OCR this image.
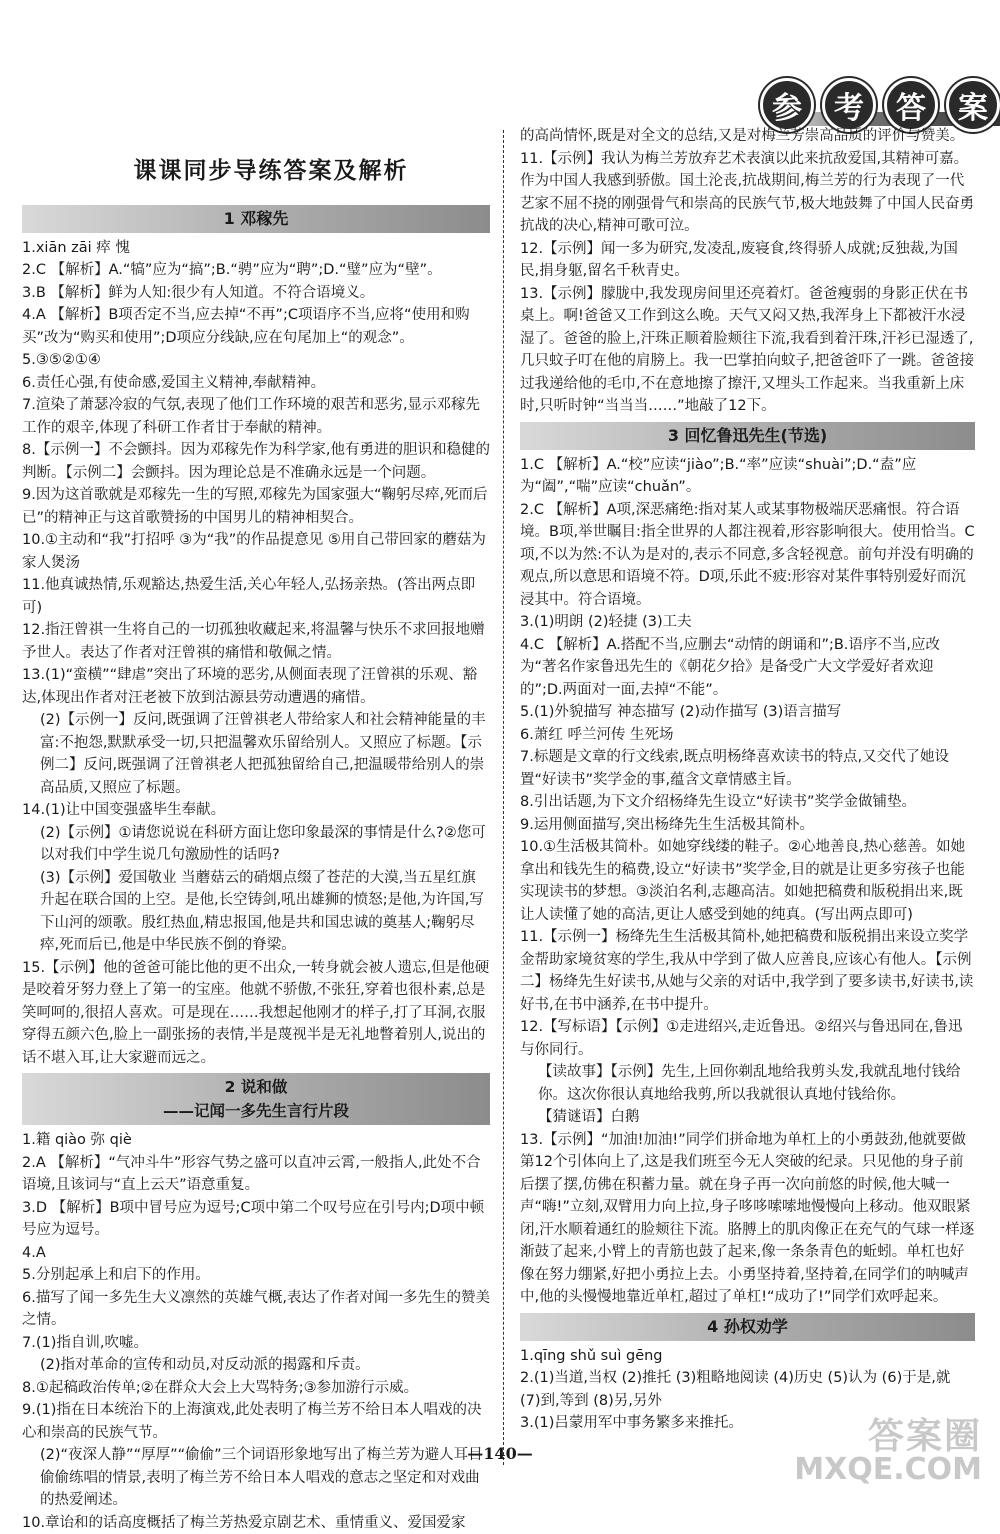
参	考	答	案
课课同步导练答案及解析
1 邓稼先

1.xiān zāi 瘁 愧

2.C 【解析】A.“犒”应为“搞”;B.“骋”应为“聘”;D.“璧”应为“壁”。

3.B 【解析】鲜为人知:很少有人知道。不符合语境义。

4.A 【解析】B项否定不当,应去掉“不再”;C项语序不当,应将“使用和购买”改为“购买和使用”;D项应分线缺,应在句尾加上“的观念”。

5.③⑤②①④

6.责任心强,有使命感,爱国主义精神,奉献精神。

7.渲染了萧瑟冷寂的气氛,表现了他们工作环境的艰苦和恶劣,显示邓稼先工作的艰辛,体现了科研工作者甘于奉献的精神。

8.【示例一】不会颤抖。因为邓稼先作为科学家,他有勇进的胆识和稳健的判断。【示例二】会颤抖。因为理论总是不准确永远是一个问题。

9.因为这首歌就是邓稼先一生的写照,邓稼先为国家强大“鞠躬尽瘁,死而后已”的精神正与这首歌赞扬的中国男儿的精神相契合。

10.①主动和“我”打招呼 ③为“我”的作品提意见 ⑤用自己带回家的蘑菇为家人煲汤

11.他真诚热情,乐观豁达,热爱生活,关心年轻人,弘扬亲热。(答出两点即可)

12.指汪曾祺一生将自己的一切孤独收藏起来,将温馨与快乐不求回报地赠予世人。表达了作者对汪曾祺的痛惜和敬佩之情。

13.(1)“蛮横”“肆虐”突出了环境的恶劣,从侧面表现了汪曾祺的乐观、豁达,体现出作者对汪老被下放到沽源县劳动遭遇的痛惜。

(2)【示例一】反问,既强调了汪曾祺老人带给家人和社会精神能量的丰富:不抱怨,默默承受一切,只把温馨欢乐留给别人。又照应了标题。【示例二】反问,既强调了汪曾祺老人把孤独留给自己,把温暖带给别人的崇高品质,又照应了标题。

14.(1)让中国变强盛毕生奉献。

(2)【示例】①请您说说在科研方面让您印象最深的事情是什么?②您可以对我们中学生说几句激励性的话吗?

(3)【示例】爱国敬业 当蘑菇云的硝烟点缀了苍茫的大漠,当五星红旗升起在联合国的上空。是他,长空铸剑,吼出雄狮的愤怒;是他,为许国,写下山河的颂歌。殷红热血,精忠报国,他是共和国忠诚的奠基人;鞠躬尽瘁,死而后已,他是中华民族不倒的脊梁。

15.【示例】他的爸爸可能比他的更不出众,一转身就会被人遗忘,但是他硬是咬着牙努力登上了第一的宝座。他就不骄傲,不张狂,穿着也很朴素,总是笑呵呵的,很招人喜欢。可是现在……我想起他刚才的样子,打了耳洞,衣服穿得五颜六色,脸上一副张扬的表情,半是蔑视半是无礼地瞥着别人,说出的话不堪入耳,让大家避而远之。

2 说和做
——记闻一多先生言行片段

1.籍 qiào 弥 qiè

2.A 【解析】“气冲斗牛”形容气势之盛可以直冲云霄,一般指人,此处不合语境,且该词与“直上云天”语意重复。

3.D 【解析】B项中冒号应为逗号;C项中第二个叹号应在引号内;D项中顿号应为逗号。

4.A

5.分别起承上和启下的作用。

6.描写了闻一多先生大义凛然的英雄气概,表达了作者对闻一多先生的赞美之情。

7.(1)指自训,吹嘘。

(2)指对革命的宣传和动员,对反动派的揭露和斥责。

8.①起稿政治传单;②在群众大会上大骂特务;③参加游行示威。

9.(1)指在日本统治下的上海演戏,此处表明了梅兰芳不给日本人唱戏的决心和崇高的民族气节。

(2)“夜深人静”“厚厚”“偷偷”三个词语形象地写出了梅兰芳为避人耳目偷偷练唱的情景,表明了梅兰芳不给日本人唱戏的意志之坚定和对戏曲的热爱阐述。

10.章诒和的话高度概括了梅兰芳热爱京剧艺术、重情重义、爱国爱家

的高尚情怀,既是对全文的总结,又是对梅兰芳崇高品质的评价与赞美。

11.【示例】我认为梅兰芳放弃艺术表演以此来抗敌爱国,其精神可嘉。作为中国人我感到骄傲。国土沦丧,抗战期间,梅兰芳的行为表现了一代艺家不屈不挠的刚强骨气和崇高的民族气节,极大地鼓舞了中国人民奋勇抗战的决心,精神可歌可泣。

12.【示例】闻一多为研究,发凌乱,废寝食,终得骄人成就;反独裁,为国民,捐身躯,留名千秋青史。

13.【示例】朦胧中,我发现房间里还亮着灯。爸爸瘦弱的身影正伏在书桌上。啊!爸爸又工作到这么晚。天气又闷又热,我浑身上下都被汗水浸湿了。爸爸的脸上,汗珠正顺着脸颊往下流,我看到着汗珠,汗衫已湿透了,几只蚊子叮在他的肩膀上。我一巴掌拍向蚊子,把爸爸吓了一跳。爸爸接过我递给他的毛巾,不在意地擦了擦汗,又埋头工作起来。当我重新上床时,只听时钟“当当当……”地敲了12下。

3 回忆鲁迅先生(节选)

1.C 【解析】A.“校”应读“jiào”;B.“率”应读“shuài”;D.“盍”应为“阖”,“喘”应读“chuǎn”。

2.C 【解析】A项,深恶痛绝:指对某人或某事物极端厌恶痛恨。符合语境。B项,举世瞩目:指全世界的人都注视着,形容影响很大。使用恰当。C项,不以为然:不认为是对的,表示不同意,多含轻视意。前句并没有明确的观点,所以意思和语境不符。D项,乐此不疲:形容对某件事特别爱好而沉浸其中。符合语境。

3.(1)明朗 (2)轻捷 (3)工夫

4.C 【解析】A.搭配不当,应删去“动情的朗诵和”;B.语序不当,应改为“著名作家鲁迅先生的《朝花夕拾》是备受广大文学爱好者欢迎的”;D.两面对一面,去掉“不能”。

5.(1)外貌描写 神态描写 (2)动作描写 (3)语言描写

6.萧红 呼兰河传 生死场

7.标题是文章的行文线索,既点明杨绛喜欢读书的特点,又交代了她设置“好读书”奖学金的事,蕴含文章情感主旨。

8.引出话题,为下文介绍杨绛先生设立“好读书”奖学金做铺垫。

9.运用侧面描写,突出杨绛先生生活极其简朴。

10.①生活极其简朴。如她穿线缕的鞋子。②心地善良,热心慈善。如她拿出和钱先生的稿费,设立“好读书”奖学金,目的就是让更多穷孩子也能实现读书的梦想。③淡泊名利,志趣高洁。如她把稿费和版税捐出来,既让人读懂了她的高洁,更让人感受到她的纯真。(写出两点即可)

11.【示例一】杨绛先生生活极其简朴,她把稿费和版税捐出来设立奖学金帮助家境贫寒的学生,我从中学到了做人应善良,应该心有他人。【示例二】杨绛先生好读书,从她与父亲的对话中,我学到了要多读书,好读书,读好书,在书中涵养,在书中提升。

12.【写标语】【示例】①走进绍兴,走近鲁迅。②绍兴与鲁迅同在,鲁迅与你同行。

【读故事】【示例】先生,上回你剃乱地给我剪头发,我就乱地付钱给你。这次你很认真地给我剪,所以我就很认真地付钱给你。

【猜谜语】白鹅

13.【示例】“加油!加油!”同学们拼命地为单杠上的小勇鼓劲,他就要做第12个引体向上了,这是我们班至今无人突破的纪录。只见他的身子前后摆了摆,仿佛在积蓄力量。就在身子再一次向前悠的时候,他大喊一声“嗨!”立刻,双臂用力向上拉,身子哆哆嗦嗦地慢慢向上移动。他双眼紧闭,汗水顺着通红的脸颊往下流。胳膊上的肌肉像正在充气的气球一样逐渐鼓了起来,小臂上的青筋也鼓了起来,像一条条青色的蚯蚓。单杠也好像在努力绷紧,好把小勇拉上去。小勇坚持着,坚持着,在同学们的呐喊声中,他的头慢慢地靠近单杠,超过了单杠!“成功了!”同学们欢呼起来。

4 孙权劝学

1.qīng shǔ suì gēng

2.(1)当道,当权 (2)推托 (3)粗略地阅读 (4)历史 (5)认为 (6)于是,就 (7)到,等到 (8)另,另外

3.(1)吕蒙用军中事务繁多来推托。

—140—	答案圈
MXQE.COM
